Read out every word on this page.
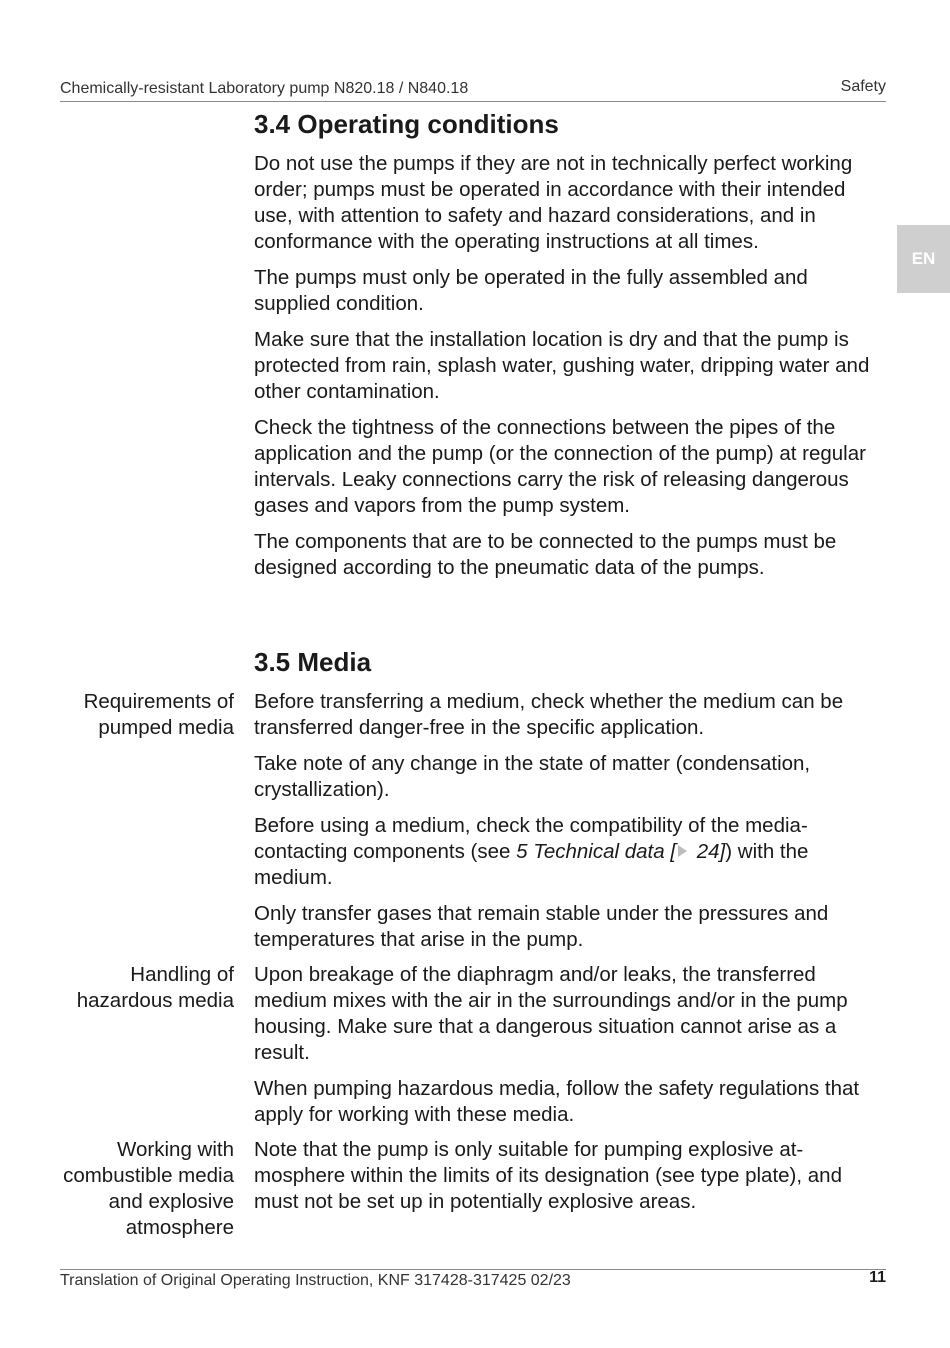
Chemically-resistant Laboratory pump N820.18 / N840.18	Safety
EN
3.4 Operating conditions

Do not use the pumps if they are not in technically perfect working order; pumps must be operated in accordance with their intended use, with attention to safety and hazard considerations, and in conformance with the operating instructions at all times.

The pumps must only be operated in the fully assembled and supplied condition.

Make sure that the installation location is dry and that the pump is protected from rain, splash water, gushing water, dripping water and other contamination.

Check the tightness of the connections between the pipes of the application and the pump (or the connection of the pump) at regular intervals. Leaky connections carry the risk of releasing dangerous gases and vapors from the pump system.

The components that are to be connected to the pumps must be designed according to the pneumatic data of the pumps.

3.5 Media
Requirements of pumped media

Before transferring a medium, check whether the medium can be transferred danger-free in the specific application.

Take note of any change in the state of matter (condensation, crystallization).

Before using a medium, check the compatibility of the media-contacting components (see 5 Technical data [ 24]) with the medium.

Only transfer gases that remain stable under the pressures and temperatures that arise in the pump.

Handling of hazardous media

Upon breakage of the diaphragm and/or leaks, the transferred medium mixes with the air in the surroundings and/or in the pump housing. Make sure that a dangerous situation cannot arise as a result.

When pumping hazardous media, follow the safety regulations that apply for working with these media.

Working with combustible media and explosive atmosphere

Note that the pump is only suitable for pumping explosive atmosphere within the limits of its designation (see type plate), and must not be set up in potentially explosive areas.

Translation of Original Operating Instruction, KNF 317428-317425 02/23	11
